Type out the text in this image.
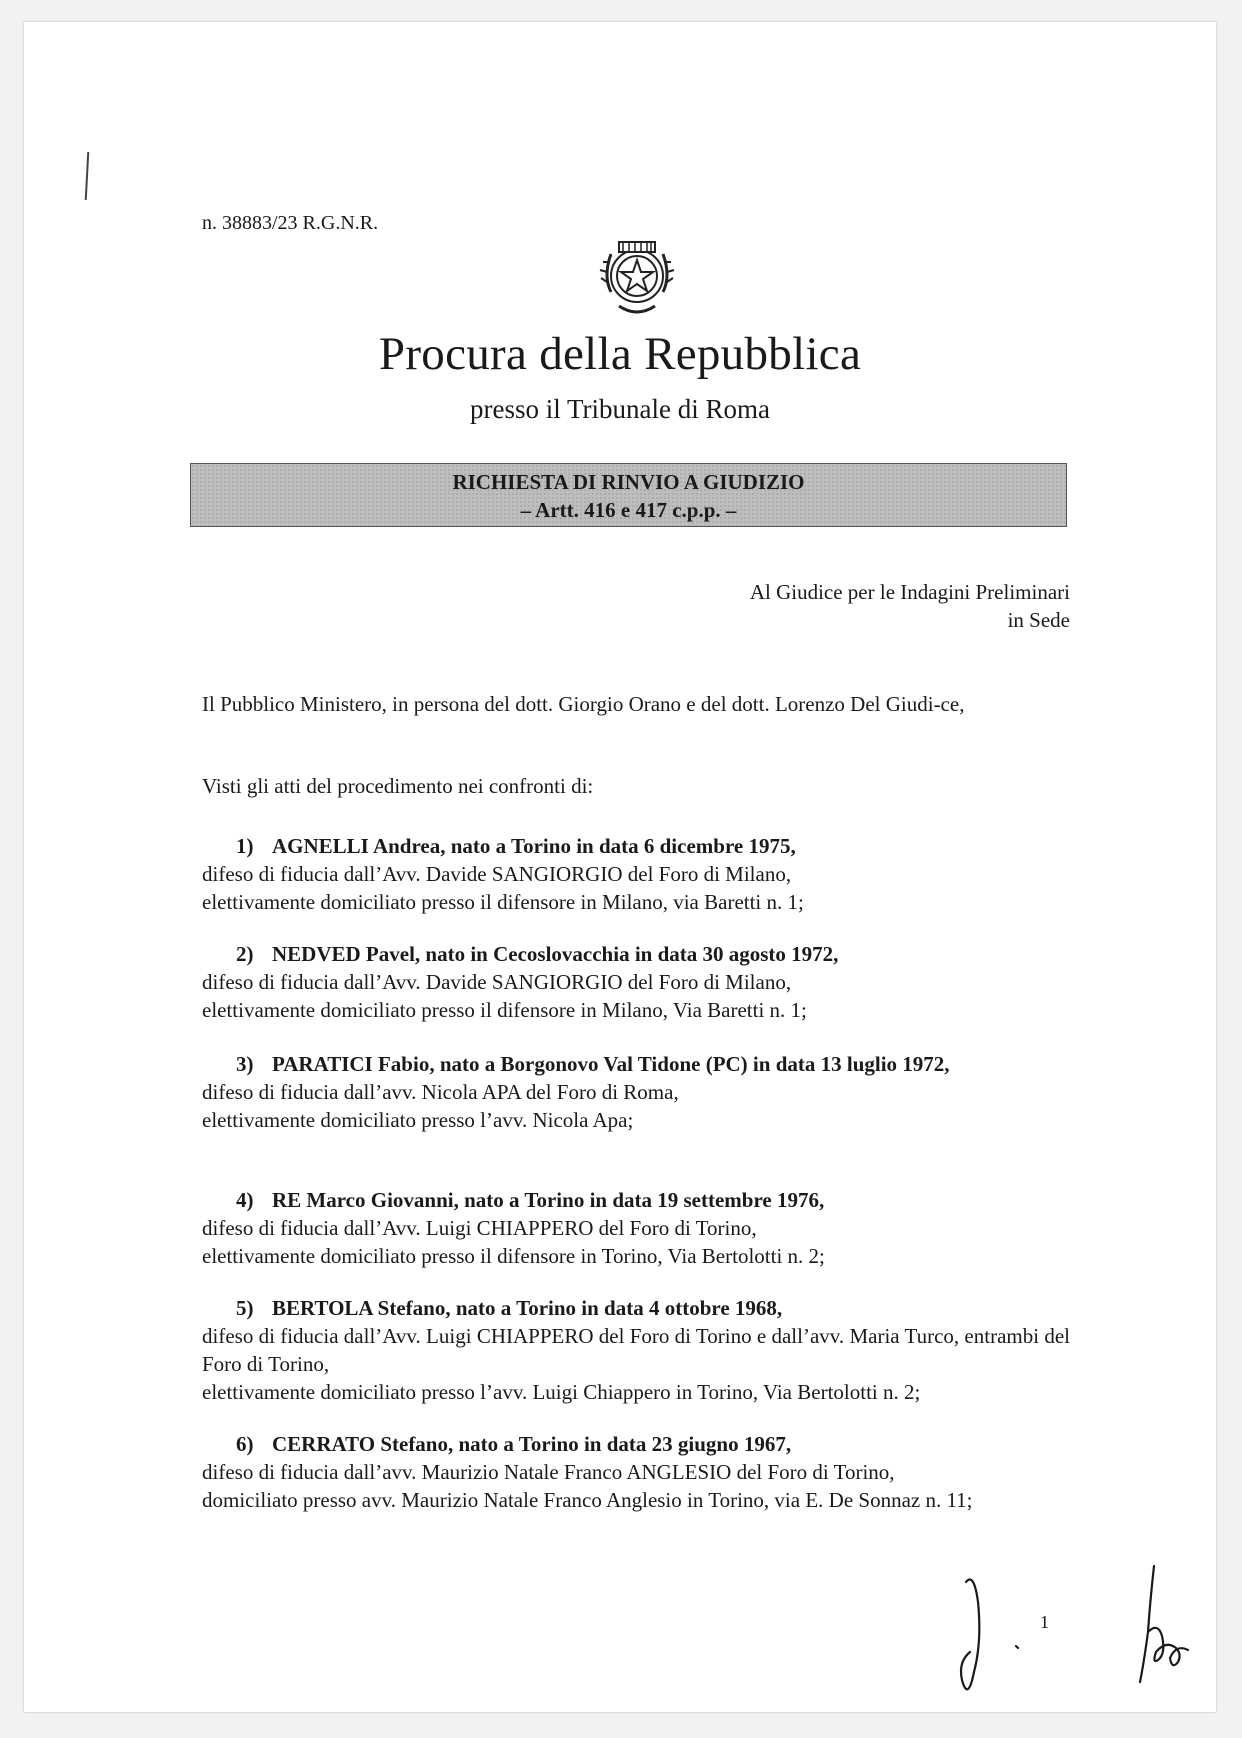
n. 38883/23 R.G.N.R.
Procura della Repubblica
presso il Tribunale di Roma
RICHIESTA DI RINVIO A GIUDIZIO
– Artt. 416 e 417 c.p.p. –
Al Giudice per le Indagini Preliminari
in Sede
Il Pubblico Ministero, in persona del dott. Giorgio Orano e del dott. Lorenzo Del Giudi-ce,
Visti gli atti del procedimento nei confronti di:
1) AGNELLI Andrea, nato a Torino in data 6 dicembre 1975,
difeso di fiducia dall’Avv. Davide SANGIORGIO del Foro di Milano,
elettivamente domiciliato presso il difensore in Milano, via Baretti n. 1;
2) NEDVED Pavel, nato in Cecoslovacchia in data 30 agosto 1972,
difeso di fiducia dall’Avv. Davide SANGIORGIO del Foro di Milano,
elettivamente domiciliato presso il difensore in Milano, Via Baretti n. 1;
3) PARATICI Fabio, nato a Borgonovo Val Tidone (PC) in data 13 luglio 1972,
difeso di fiducia dall’avv. Nicola APA del Foro di Roma,
elettivamente domiciliato presso l’avv. Nicola Apa;
4) RE Marco Giovanni, nato a Torino in data 19 settembre 1976,
difeso di fiducia dall’Avv. Luigi CHIAPPERO del Foro di Torino,
elettivamente domiciliato presso il difensore in Torino, Via Bertolotti n. 2;
5) BERTOLA Stefano, nato a Torino in data 4 ottobre 1968,
difeso di fiducia dall’Avv. Luigi CHIAPPERO del Foro di Torino e dall’avv. Maria Turco, entrambi del Foro di Torino,
elettivamente domiciliato presso l’avv. Luigi Chiappero in Torino, Via Bertolotti n. 2;
6) CERRATO Stefano, nato a Torino in data 23 giugno 1967,
difeso di fiducia dall’avv. Maurizio Natale Franco ANGLESIO del Foro di Torino,
domiciliato presso avv. Maurizio Natale Franco Anglesio in Torino, via E. De Sonnaz n. 11;
1
